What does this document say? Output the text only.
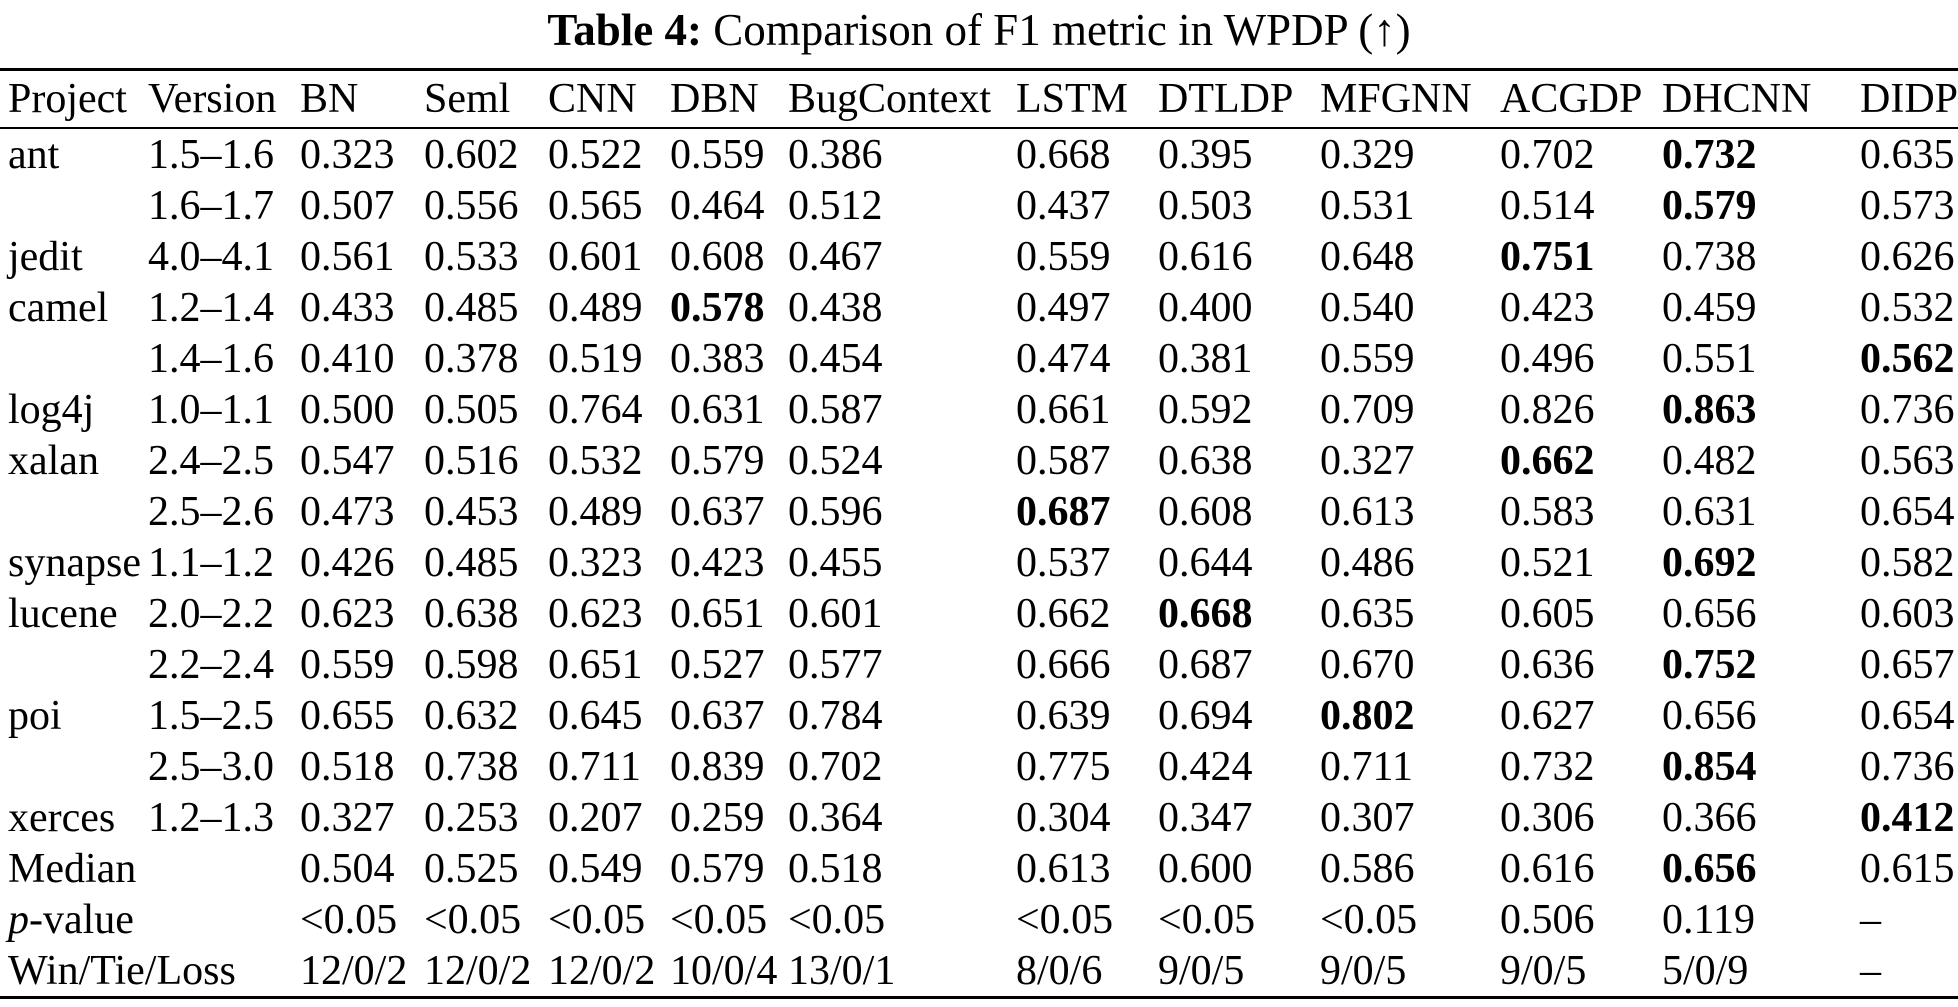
Table 4: Comparison of F1 metric in WPDP (↑)
Project	Version	BN	Seml	CNN	DBN	BugContext	LSTM	DTLDP	MFGNN	ACGDP	DHCNN	DIDP
ant	1.5–1.6	0.323	0.602	0.522	0.559	0.386	0.668	0.395	0.329	0.702	0.732	0.635
	1.6–1.7	0.507	0.556	0.565	0.464	0.512	0.437	0.503	0.531	0.514	0.579	0.573
jedit	4.0–4.1	0.561	0.533	0.601	0.608	0.467	0.559	0.616	0.648	0.751	0.738	0.626
camel	1.2–1.4	0.433	0.485	0.489	0.578	0.438	0.497	0.400	0.540	0.423	0.459	0.532
	1.4–1.6	0.410	0.378	0.519	0.383	0.454	0.474	0.381	0.559	0.496	0.551	0.562
log4j	1.0–1.1	0.500	0.505	0.764	0.631	0.587	0.661	0.592	0.709	0.826	0.863	0.736
xalan	2.4–2.5	0.547	0.516	0.532	0.579	0.524	0.587	0.638	0.327	0.662	0.482	0.563
	2.5–2.6	0.473	0.453	0.489	0.637	0.596	0.687	0.608	0.613	0.583	0.631	0.654
synapse	1.1–1.2	0.426	0.485	0.323	0.423	0.455	0.537	0.644	0.486	0.521	0.692	0.582
lucene	2.0–2.2	0.623	0.638	0.623	0.651	0.601	0.662	0.668	0.635	0.605	0.656	0.603
	2.2–2.4	0.559	0.598	0.651	0.527	0.577	0.666	0.687	0.670	0.636	0.752	0.657
poi	1.5–2.5	0.655	0.632	0.645	0.637	0.784	0.639	0.694	0.802	0.627	0.656	0.654
	2.5–3.0	0.518	0.738	0.711	0.839	0.702	0.775	0.424	0.711	0.732	0.854	0.736
xerces	1.2–1.3	0.327	0.253	0.207	0.259	0.364	0.304	0.347	0.307	0.306	0.366	0.412
Median		0.504	0.525	0.549	0.579	0.518	0.613	0.600	0.586	0.616	0.656	0.615
p-value		<0.05	<0.05	<0.05	<0.05	<0.05	<0.05	<0.05	<0.05	0.506	0.119	–
Win/Tie/Loss		12/0/2	12/0/2	12/0/2	10/0/4	13/0/1	8/0/6	9/0/5	9/0/5	9/0/5	5/0/9	–
